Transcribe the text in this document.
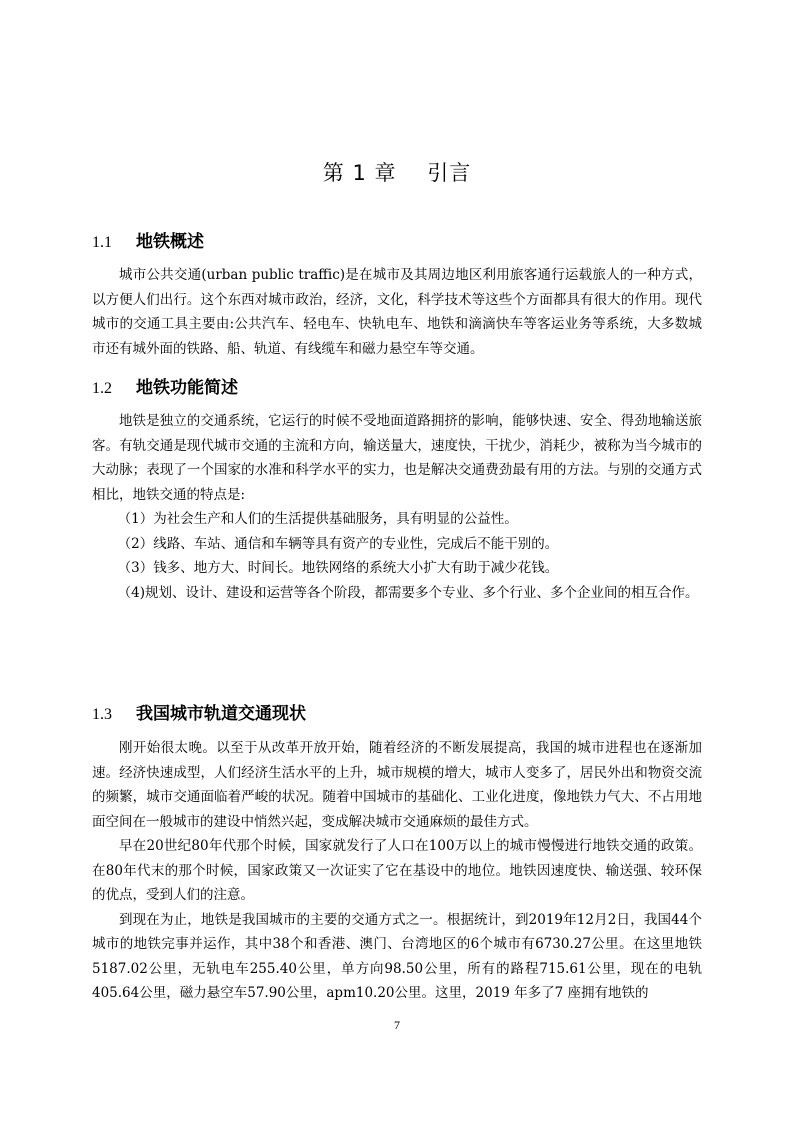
第 1 章    引言
1.1 地铁概述

城市公共交通(urban public traffic)是在城市及其周边地区利用旅客通行运载旅人的一种方式，以方便人们出行。这个东西对城市政治，经济，文化，科学技术等这些个方面都具有很大的作用。现代城市的交通工具主要由:公共汽车、轻电车、快轨电车、地铁和滴滴快车等客运业务等系统，大多数城市还有城外面的铁路、船、轨道、有线缆车和磁力悬空车等交通。

1.2 地铁功能简述

地铁是独立的交通系统，它运行的时候不受地面道路拥挤的影响，能够快速、安全、得劲地输送旅客。有轨交通是现代城市交通的主流和方向，输送量大，速度快，干扰少，消耗少，被称为当今城市的大动脉；表现了一个国家的水准和科学水平的实力，也是解决交通费劲最有用的方法。与别的交通方式相比，地铁交通的特点是:

（1）为社会生产和人们的生活提供基础服务，具有明显的公益性。

（2）线路、车站、通信和车辆等具有资产的专业性，完成后不能干别的。

（3）钱多、地方大、时间长。地铁网络的系统大小扩大有助于减少花钱。

（4)规划、设计、建设和运营等各个阶段，都需要多个专业、多个行业、多个企业间的相互合作。

1.3 我国城市轨道交通现状

刚开始很太晚。以至于从改革开放开始，随着经济的不断发展提高，我国的城市进程也在逐渐加速。经济快速成型，人们经济生活水平的上升，城市规模的增大，城市人变多了，居民外出和物资交流的频繁，城市交通面临着严峻的状况。随着中国城市的基础化、工业化进度，像地铁力气大、不占用地面空间在一般城市的建设中悄然兴起，变成解决城市交通麻烦的最佳方式。

早在20世纪80年代那个时候，国家就发行了人口在100万以上的城市慢慢进行地铁交通的政策。在80年代末的那个时候，国家政策又一次证实了它在基设中的地位。地铁因速度快、输送强、较环保的优点，受到人们的注意。

到现在为止，地铁是我国城市的主要的交通方式之一。根据统计，到2019年12月2日，我国44个城市的地铁完事并运作，其中38个和香港、澳门、台湾地区的6个城市有6730.27公里。在这里地铁5187.02公里，无轨电车255.40公里，单方向98.50公里，所有的路程715.61公里，现在的电轨405.64公里，磁力悬空车57.90公里，apm10.20公里。这里，2019 年多了7 座拥有地铁的

7
